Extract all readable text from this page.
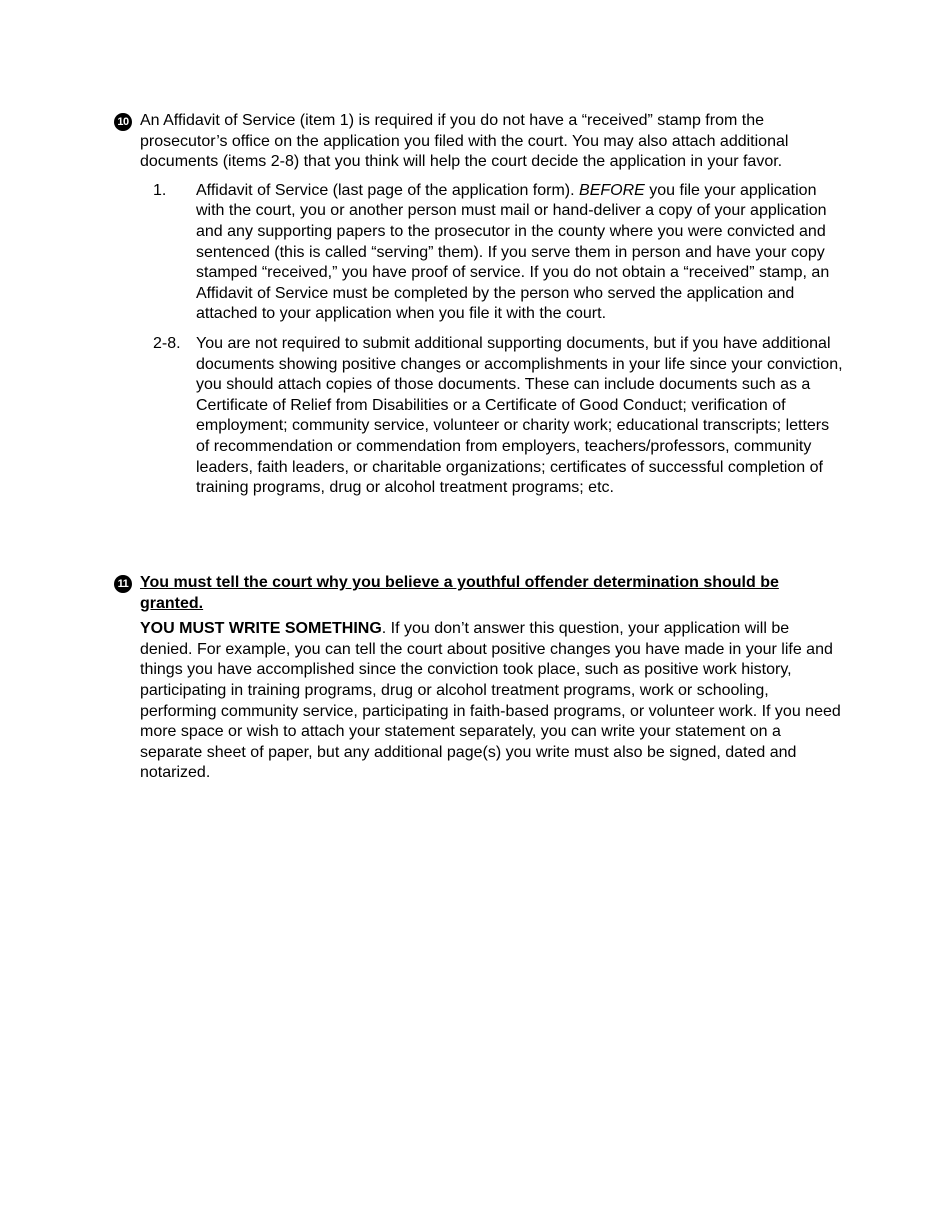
10 An Affidavit of Service (item 1) is required if you do not have a “received” stamp from the prosecutor’s office on the application you filed with the court. You may also attach additional documents (items 2-8) that you think will help the court decide the application in your favor.

1. Affidavit of Service (last page of the application form). BEFORE you file your application with the court, you or another person must mail or hand-deliver a copy of your application and any supporting papers to the prosecutor in the county where you were convicted and sentenced (this is called “serving” them). If you serve them in person and have your copy stamped “received,” you have proof of service. If you do not obtain a “received” stamp, an Affidavit of Service must be completed by the person who served the application and attached to your application when you file it with the court.
2-8. You are not required to submit additional supporting documents, but if you have additional documents showing positive changes or accomplishments in your life since your conviction, you should attach copies of those documents. These can include documents such as a Certificate of Relief from Disabilities or a Certificate of Good Conduct; verification of employment; community service, volunteer or charity work; educational transcripts; letters of recommendation or commendation from employers, teachers/professors, community leaders, faith leaders, or charitable organizations; certificates of successful completion of training programs, drug or alcohol treatment programs; etc.
11 You must tell the court why you believe a youthful offender determination should be granted.

YOU MUST WRITE SOMETHING. If you don’t answer this question, your application will be denied. For example, you can tell the court about positive changes you have made in your life and things you have accomplished since the conviction took place, such as positive work history, participating in training programs, drug or alcohol treatment programs, work or schooling, performing community service, participating in faith-based programs, or volunteer work. If you need more space or wish to attach your statement separately, you can write your statement on a separate sheet of paper, but any additional page(s) you write must also be signed, dated and notarized.
